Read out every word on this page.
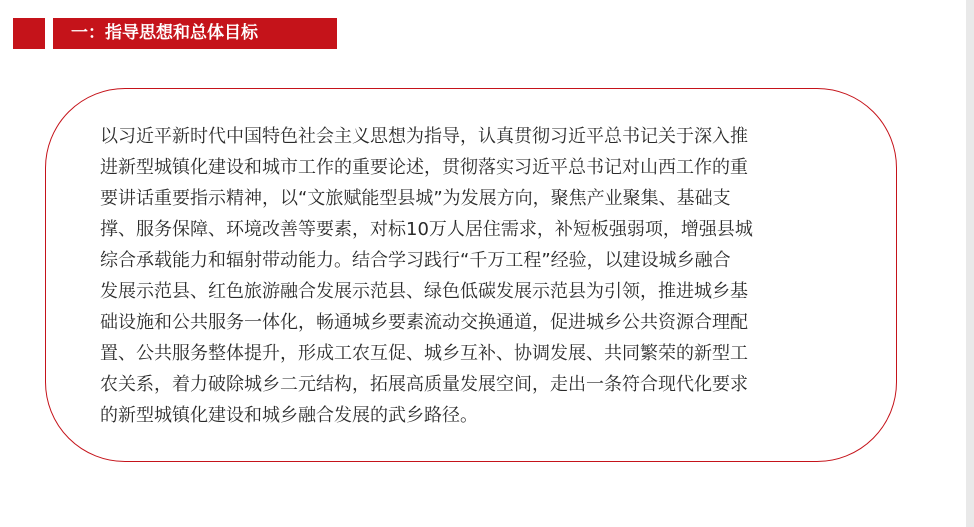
一：指导思想和总体目标

以习近平新时代中国特色社会主义思想为指导，认真贯彻习近平总书记关于深入推
进新型城镇化建设和城市工作的重要论述，贯彻落实习近平总书记对山西工作的重
要讲话重要指示精神，以“文旅赋能型县城”为发展方向，聚焦产业聚集、基础支
撑、服务保障、环境改善等要素，对标10万人居住需求，补短板强弱项，增强县城
综合承载能力和辐射带动能力。结合学习践行“千万工程”经验，以建设城乡融合
发展示范县、红色旅游融合发展示范县、绿色低碳发展示范县为引领，推进城乡基
础设施和公共服务一体化，畅通城乡要素流动交换通道，促进城乡公共资源合理配
置、公共服务整体提升，形成工农互促、城乡互补、协调发展、共同繁荣的新型工
农关系，着力破除城乡二元结构，拓展高质量发展空间，走出一条符合现代化要求
的新型城镇化建设和城乡融合发展的武乡路径。
